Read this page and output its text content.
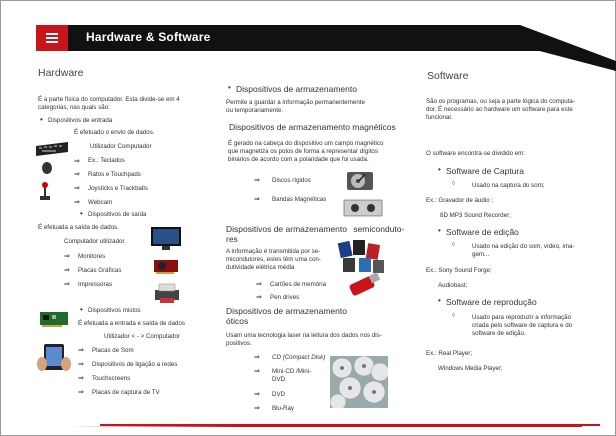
Hardware & Software
Hardware
É a parte física do computador. Esta divide-se em 4
categorias, nas quais são:
• Dispositivos de entrada
É efetuado o envio de dados.
Utilizador Computador
⇒ Ex.: Teclados
⇒ Ratos e Touchpads
⇒ Joysticks e Trackballs
⇒ Webcam
• Dispositivos de saída
É efetuada a saída de dados.
Computador utilizador
⇒ Monitores
⇒ Placas Gráficas
⇒ Impressoras
• Dispositivos mistos
É efetuada a entrada e saída de dados
Utilizador < - > Computador
⇒ Placas de Som
⇒ Dispositivos de ligação a redes
⇒ Touchscreens
⇒ Placas de captura de TV
• Dispositivos de armazenamento
Permite a guardar a informação permanentemente
ou temporariamente.
Dispositivos de armazenamento magnéticos
É gerado na cabeça do dispositivo um campo magnético
que magnetiza os polos de forma a representar dígitos
binários de acordo com a polaridade que foi usada.
⇒ Discos rígidos
⇒ Bandas Magnéticas
Dispositivos de armazenamento semiconduto-
res
A informação é transmitida por se-
micondutores, estes têm uma con-
dutividade elétrica média
⇒ Cartões de memória
⇒ Pen drives
Dispositivos de armazenamento
óticos
Usam uma tecnologia laser na leitura dos dados nos dis-
positivos.
⇒ CD (Compact Disk)
⇒ Mini-CD /Mini-
DVD
⇒ DVD
⇒ Blu-Ray
Software
São os programas, ou seja a parte lógica do computa-
dor. É necessário ao hardware um software para este
funcionar.
O software encontra-se dividido em:
• Software de Captura
◊	Usado na captura do som;
Ex.: Gravador de áudio ;
8D MP3 Sound Recorder;
• Software de edição
◊	Usado na edição do som, vídeo, ima-
gem...
Ex.: Sony Sound Forge;
Audiobast;
• Software de reprodução
◊	Usado para reproduzir a informação
criada pelo software de captura e do
software de edição.
Ex.: Real Player;
Windows Media Player;
